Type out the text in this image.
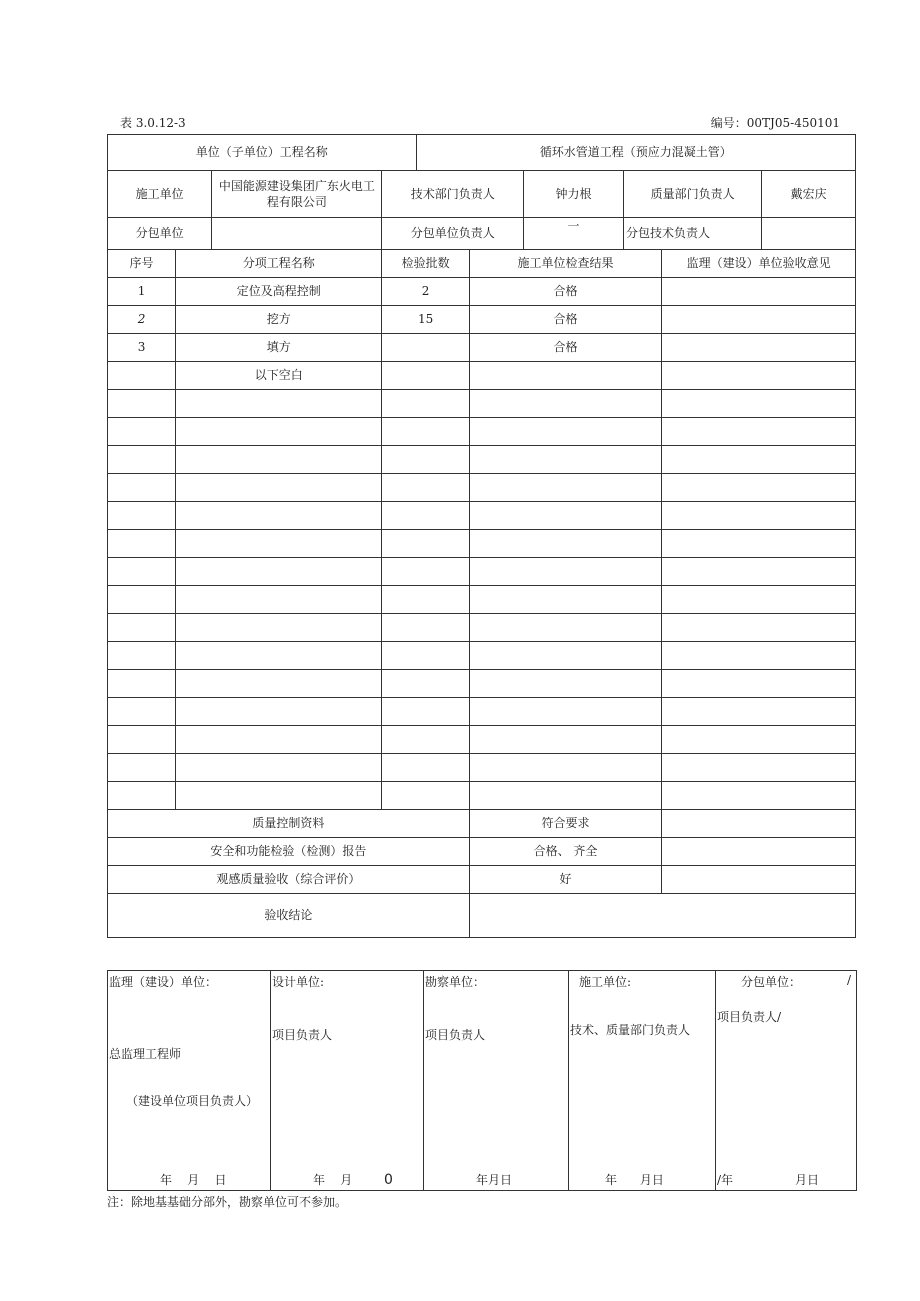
表 3.0.12-3	编号：00TJ05-450101
单位（子单位）工程名称				循环水管道工程（预应力混凝土管）					
施工单位		中国能源建设集团广东火电工程有限公司	技术部门负责人			钟力根	质量部门负责人		戴宏庆
分包单位			分包单位负责人			一	分包技术负责人		
序号	分项工程名称		检验批数		施工单位检查结果			监理（建设）单位验收意见	
1	定位及高程控制		2		合格				
2	挖方		15		合格				
3	填方				合格				
	以下空白								

质量控制资料					符合要求				
安全和功能检验（检测）报告					合格、 齐全				
观感质量验收（综合评价）					好				
验收结论									
监理（建设）单位：
总监理工程师
（建设单位项目负责人）
年    月    日

设计单位:
项目负责人
年    月 0

勘察单位：
项目负责人
年月日

施工单位:
技术、质量部门负责人
年      月日

分包单位：	/
项目负责人/
/年	月日
注：除地基基础分部外，勘察单位可不参加。
